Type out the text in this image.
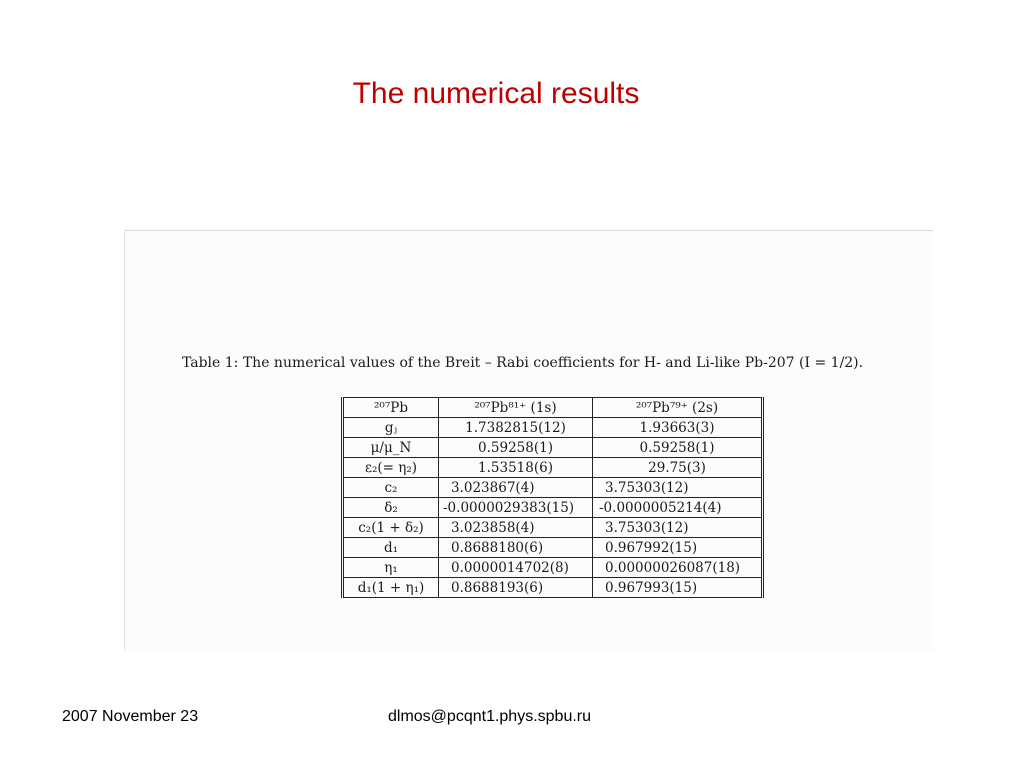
The numerical results
Table 1: The numerical values of the Breit – Rabi coefficients for H- and Li-like Pb-207 (I = 1/2).
²⁰⁷Pb	²⁰⁷Pb⁸¹⁺ (1s)	²⁰⁷Pb⁷⁹⁺ (2s)
gⱼ	1.7382815(12)	1.93663(3)
μ/μ_N	0.59258(1)	0.59258(1)
ε₂(= η₂)	1.53518(6)	29.75(3)
c₂	3.023867(4)	3.75303(12)
δ₂	-0.0000029383(15)	-0.0000005214(4)
c₂(1 + δ₂)	3.023858(4)	3.75303(12)
d₁	0.8688180(6)	0.967992(15)
η₁	0.0000014702(8)	0.00000026087(18)
d₁(1 + η₁)	0.8688193(6)	0.967993(15)
2007 November 23	dlmos@pcqnt1.phys.spbu.ru
